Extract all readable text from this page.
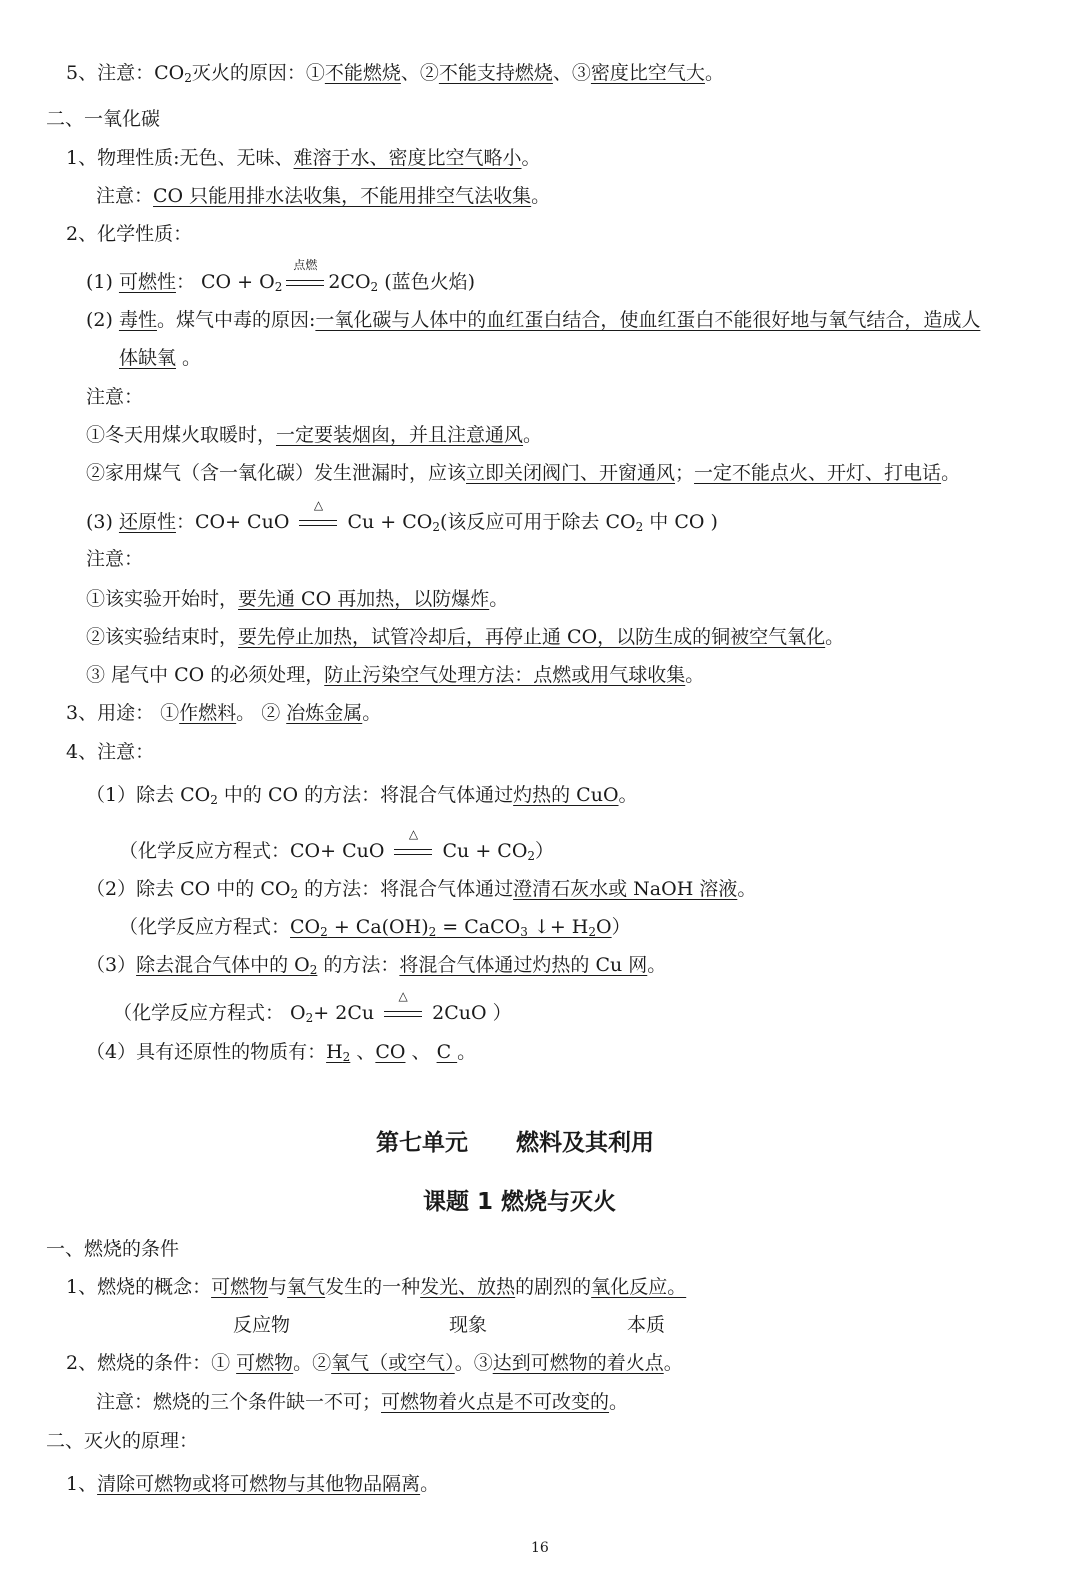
5、注意：$CO_2$灭火的原因：①不能燃烧、②不能支持燃烧、③密度比空气大。
二、一氧化碳
1、物理性质:无色、无味、难溶于水、密度比空气略小。
注意：CO 只能用排水法收集，不能用排空气法收集。
2、化学性质：
(1) 可燃性： CO + $O_2$
点燃
$2CO_2$ (蓝色火焰)
(2) 毒性。煤气中毒的原因:一氧化碳与人体中的血红蛋白结合，使血红蛋白不能很好地与氧气结合，造成人
体缺氧 。
注意：
①冬天用煤火取暖时，一定要装烟囱，并且注意通风。
②家用煤气（含一氧化碳）发生泄漏时，应该立即关闭阀门、开窗通风；一定不能点火、开灯、打电话。
(3) 还原性：CO+ CuO
△
$Cu + CO_2$(该反应可用于除去 $CO_2$ 中 CO )
注意：
①该实验开始时，要先通 CO 再加热，以防爆炸。
②该实验结束时，要先停止加热，试管冷却后，再停止通 CO，以防生成的铜被空气氧化。
③ 尾气中 CO 的必须处理，防止污染空气处理方法：点燃或用气球收集。
3、用途： ①作燃料。 ② 冶炼金属。
4、注意：
（1）除去 $CO_2$ 中的 CO 的方法：将混合气体通过灼热的 CuO。
（化学反应方程式：CO+ CuO
△
$Cu + CO_2$）
（2）除去 CO 中的 $CO_2$ 的方法：将混合气体通过澄清石灰水或 NaOH 溶液。
（化学反应方程式：$CO_2 + Ca(OH)_2$ = CaCO$_3$ ↓+ $H_2O$）
（3）除去混合气体中的 $O_2$ 的方法：将混合气体通过灼热的 Cu 网。
（化学反应方程式： $O_2+ 2Cu$
△
2CuO ）
（4）具有还原性的物质有：$H_2$ 、CO 、 C 。
第七单元 燃料及其利用
课题 1 燃烧与灭火
一、燃烧的条件
1、燃烧的概念：可燃物与氧气发生的一种发光、放热的剧烈的氧化反应。
反应物	现象	本质
2、燃烧的条件：① 可燃物。②氧气（或空气）。③达到可燃物的着火点。
注意：燃烧的三个条件缺一不可；可燃物着火点是不可改变的。
二、灭火的原理：
1、清除可燃物或将可燃物与其他物品隔离。
16
